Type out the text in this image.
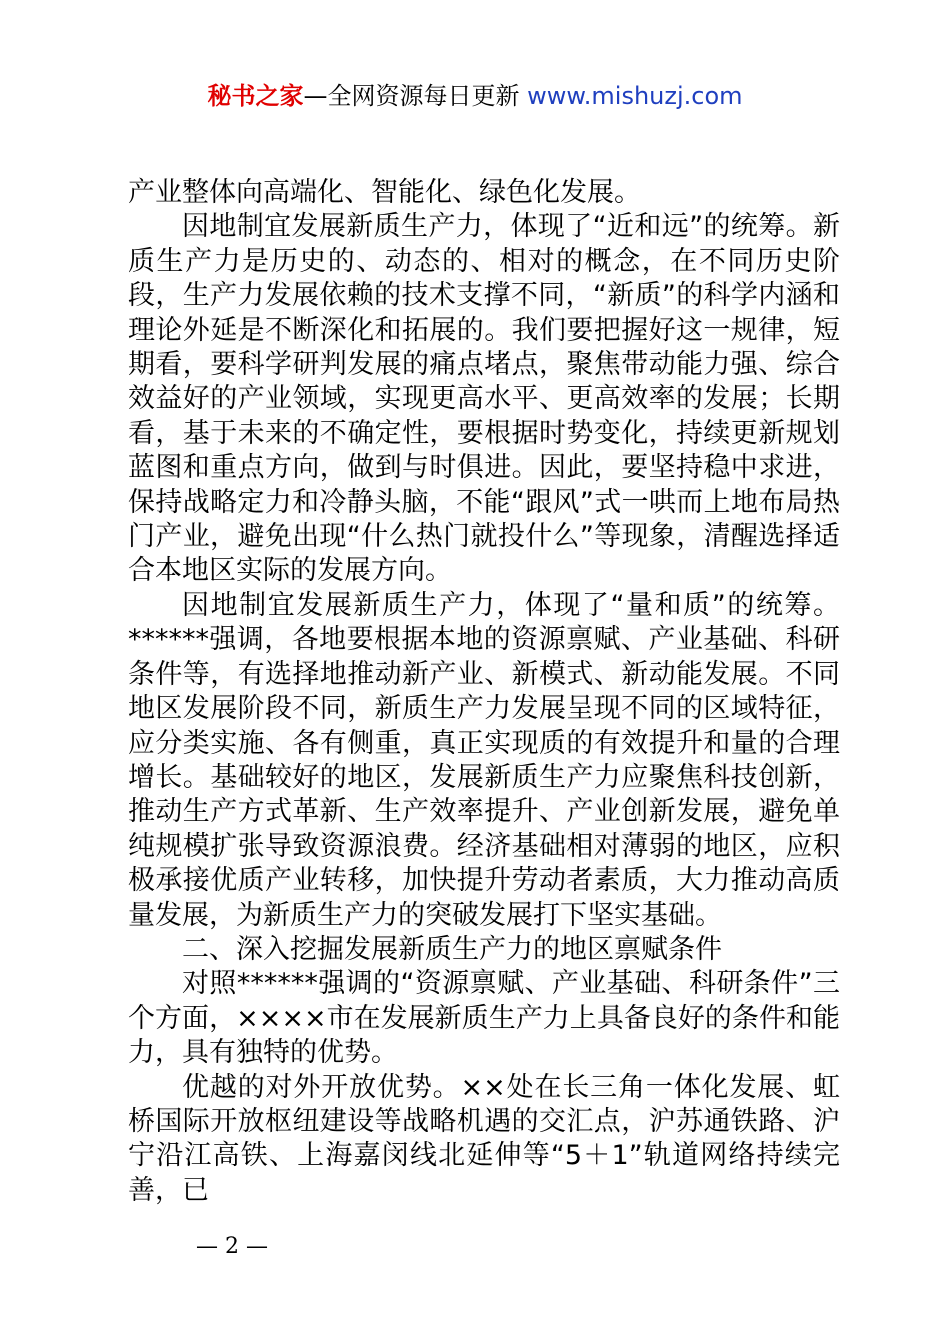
秘书之家—全网资源每日更新 www.mishuzj.com

产业整体向高端化、智能化、绿色化发展。

因地制宜发展新质生产力，体现了“近和远”的统筹。新质生产力是历史的、动态的、相对的概念，在不同历史阶段，生产力发展依赖的技术支撑不同，“新质”的科学内涵和理论外延是不断深化和拓展的。我们要把握好这一规律，短期看，要科学研判发展的痛点堵点，聚焦带动能力强、综合效益好的产业领域，实现更高水平、更高效率的发展；长期看，基于未来的不确定性，要根据时势变化，持续更新规划蓝图和重点方向，做到与时俱进。因此，要坚持稳中求进，保持战略定力和冷静头脑，不能“跟风”式一哄而上地布局热门产业，避免出现“什么热门就投什么”等现象，清醒选择适合本地区实际的发展方向。

因地制宜发展新质生产力，体现了“量和质”的统筹。******强调，各地要根据本地的资源禀赋、产业基础、科研条件等，有选择地推动新产业、新模式、新动能发展。不同地区发展阶段不同，新质生产力发展呈现不同的区域特征，应分类实施、各有侧重，真正实现质的有效提升和量的合理增长。基础较好的地区，发展新质生产力应聚焦科技创新，推动生产方式革新、生产效率提升、产业创新发展，避免单纯规模扩张导致资源浪费。经济基础相对薄弱的地区，应积极承接优质产业转移，加快提升劳动者素质，大力推动高质量发展，为新质生产力的突破发展打下坚实基础。

二、深入挖掘发展新质生产力的地区禀赋条件

对照******强调的“资源禀赋、产业基础、科研条件”三个方面，××××市在发展新质生产力上具备良好的条件和能力，具有独特的优势。

优越的对外开放优势。××处在长三角一体化发展、虹桥国际开放枢纽建设等战略机遇的交汇点，沪苏通铁路、沪宁沿江高铁、上海嘉闵线北延伸等“5＋1”轨道网络持续完善，已

— 2 —
